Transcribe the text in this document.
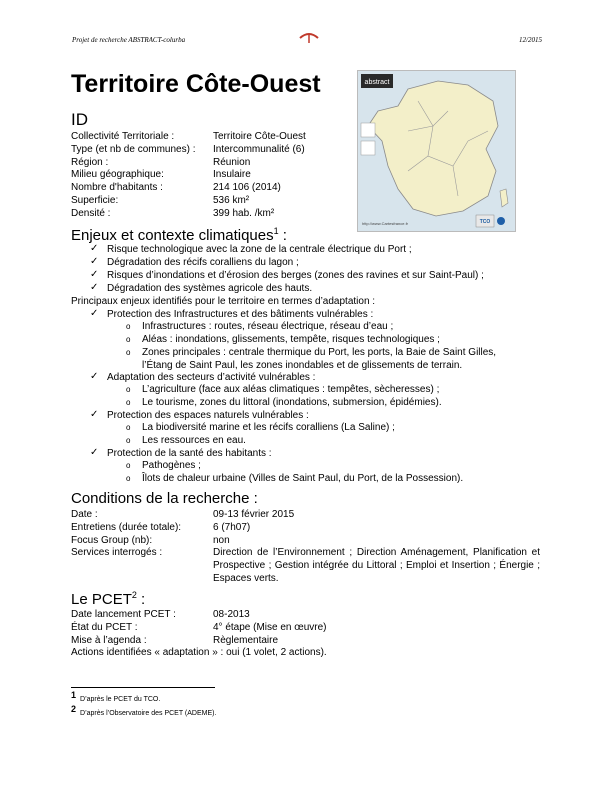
Projet de recherche ABSTRACT-colurba	12/2015
Territoire Côte-Ouest	abstract
http://www.Cartesfrance.fr	TCO
ID
Collectivité Territoriale :	Territoire Côte-Ouest
Type (et nb de communes) : Intercommunalité (6)
Région :	Réunion
Milieu géographique:	Insulaire
Nombre d'habitants :	214 106 (2014)
Superficie:	536 km²
Densité :	399 hab. /km²
Enjeux et contexte climatiques$^1$ :
✓ Risque technologique avec la zone de la centrale électrique du Port ;
✓ Dégradation des récifs coralliens du lagon ;
✓ Risques d’inondations et d’érosion des berges (zones des ravines et sur Saint-Paul) ;
✓ Dégradation des systèmes agricole des hauts.
Principaux enjeux identifiés pour le territoire en termes d’adaptation :
✓ Protection des Infrastructures et des bâtiments vulnérables :
o Infrastructures : routes, réseau électrique, réseau d’eau ;
o Aléas : inondations, glissements, tempête, risques technologiques ;
o Zones principales : centrale thermique du Port, les ports, la Baie de Saint Gilles,
l’Étang de Saint Paul, les zones inondables et de glissements de terrain.
✓ Adaptation des secteurs d’activité vulnérables :
o L’agriculture (face aux aléas climatiques : tempêtes, sècheresses) ;
o Le tourisme, zones du littoral (inondations, submersion, épidémies).
✓ Protection des espaces naturels vulnérables :
o La biodiversité marine et les récifs coralliens (La Saline) ;
o Les ressources en eau.
✓ Protection de la santé des habitants :
o Pathogènes ;
o Îlots de chaleur urbaine (Villes de Saint Paul, du Port, de la Possession).
Conditions de la recherche :
Date :	09-13 février 2015
Entretiens (durée totale):	6 (7h07)
Focus Group (nb):	non
Services interrogés :	Direction de l’Environnement ; Direction Aménagement, Planification et Prospective ; Gestion intégrée du Littoral ; Emploi et Insertion ; Énergie ; Espaces verts.
Le PCET$^2$ :
Date lancement PCET :	08-2013
État du PCET :	4° étape (Mise en œuvre)
Mise à l’agenda :	Règlementaire
Actions identifiées « adaptation » : oui (1 volet, 2 actions).
1 D’après le PCET du TCO.
2 D’après l’Observatoire des PCET (ADEME).
